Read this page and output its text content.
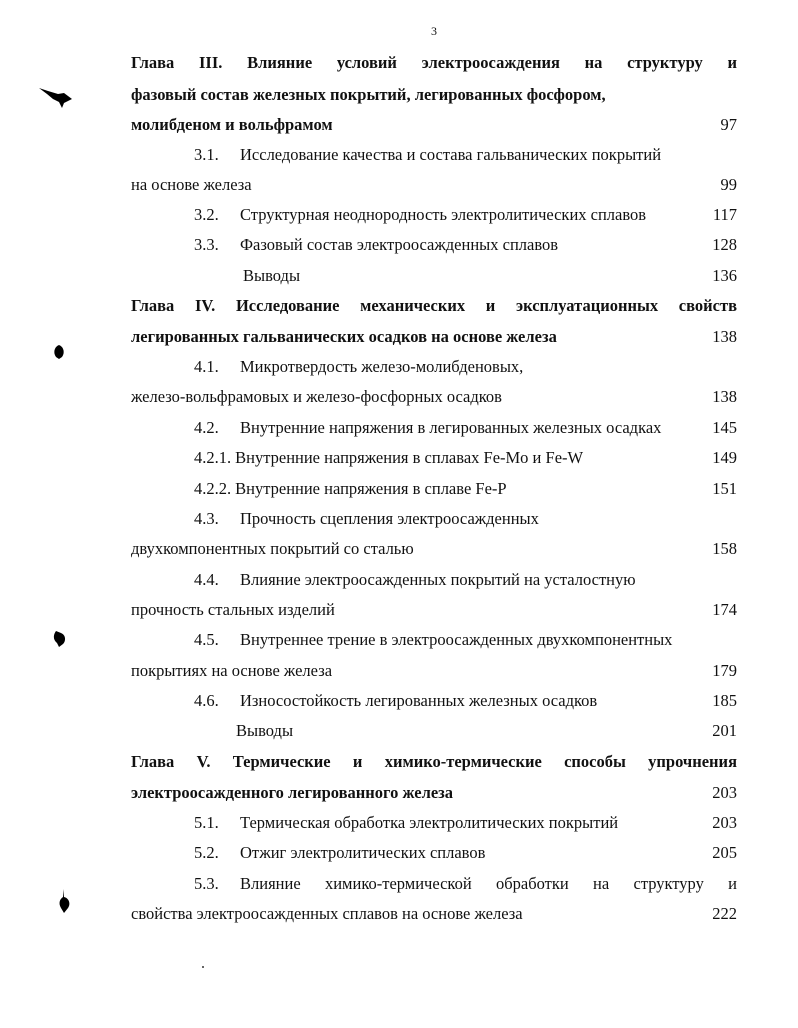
3
Глава III. Влияние условий электроосаждения на структуру и
фазовый состав железных покрытий, легированных фосфором,
молибденом и вольфрамом	97
3.1. Исследование качества и состава гальванических покрытий
на основе железа	99
3.2. Структурная неоднородность электролитических сплавов	117
3.3. Фазовый состав электроосажденных сплавов	128
Выводы	136
Глава IV. Исследование механических и эксплуатационных свойств
легированных гальванических осадков на основе железа	138
4.1. Микротвердость железо-молибденовых,
железо-вольфрамовых и железо-фосфорных осадков	138
4.2. Внутренние напряжения в легированных железных осадках	145
4.2.1. Внутренние напряжения в сплавах Fe-Mo и Fe-W	149
4.2.2. Внутренние напряжения в сплаве Fe-P	151
4.3. Прочность сцепления электроосажденных
двухкомпонентных покрытий со сталью	158
4.4. Влияние электроосажденных покрытий на усталостную
прочность стальных изделий	174
4.5. Внутреннее трение в электроосажденных двухкомпонентных
покрытиях на основе железа	179
4.6. Износостойкость легированных железных осадков	185
Выводы	201
Глава V. Термические и химико-термические способы упрочнения
электроосажденного легированного железа	203
5.1. Термическая обработка электролитических покрытий	203
5.2. Отжиг электролитических сплавов	205
5.3. Влияние химико-термической обработки на структуру и
свойства электроосажденных сплавов на основе железа	222
